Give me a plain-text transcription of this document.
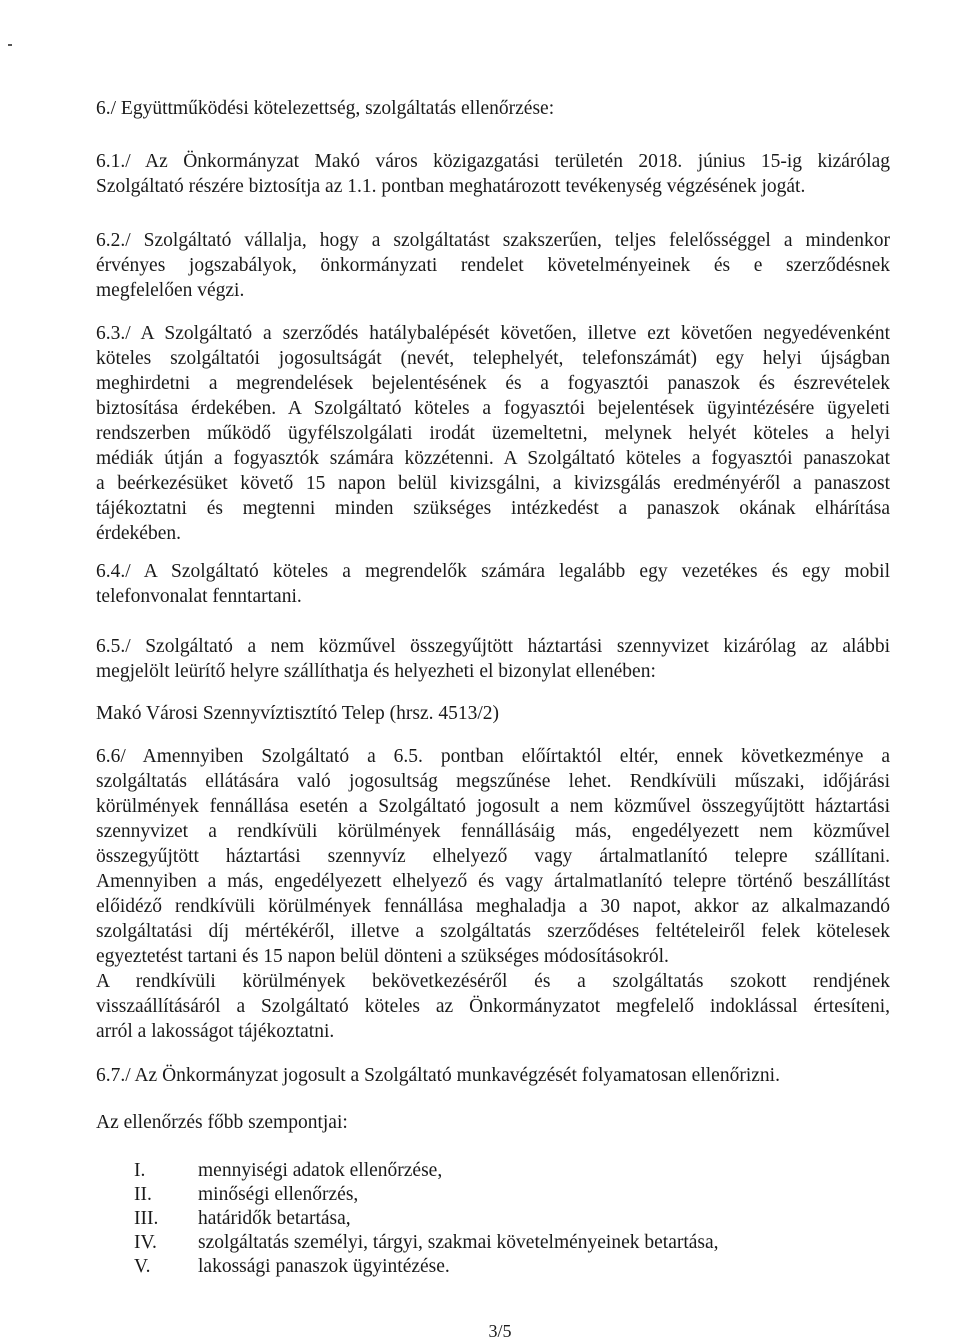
6./ Együttműködési kötelezettség, szolgáltatás ellenőrzése:
6.1./ Az Önkormányzat Makó város közigazgatási területén 2018. június 15-ig kizárólag
Szolgáltató részére biztosítja az 1.1. pontban meghatározott tevékenység végzésének jogát.
6.2./ Szolgáltató vállalja, hogy a szolgáltatást szakszerűen, teljes felelősséggel a mindenkor
érvényes jogszabályok, önkormányzati rendelet követelményeinek és e szerződésnek
megfelelően végzi.
6.3./ A Szolgáltató a szerződés hatálybalépését követően, illetve ezt követően negyedévenként
köteles szolgáltatói jogosultságát (nevét, telephelyét, telefonszámát) egy helyi újságban
meghirdetni a megrendelések bejelentésének és a fogyasztói panaszok és észrevételek
biztosítása érdekében. A Szolgáltató köteles a fogyasztói bejelentések ügyintézésére ügyeleti
rendszerben működő ügyfélszolgálati irodát üzemeltetni, melynek helyét köteles a helyi
médiák útján a fogyasztók számára közzétenni. A Szolgáltató köteles a fogyasztói panaszokat
a beérkezésüket követő 15 napon belül kivizsgálni, a kivizsgálás eredményéről a panaszost
tájékoztatni és megtenni minden szükséges intézkedést a panaszok okának elhárítása
érdekében.
6.4./ A Szolgáltató köteles a megrendelők számára legalább egy vezetékes és egy mobil
telefonvonalat fenntartani.
6.5./ Szolgáltató a nem közművel összegyűjtött háztartási szennyvizet kizárólag az alábbi
megjelölt leürítő helyre szállíthatja és helyezheti el bizonylat ellenében:
Makó Városi Szennyvíztisztító Telep (hrsz. 4513/2)
6.6/ Amennyiben Szolgáltató a 6.5. pontban előírtaktól eltér, ennek következménye a
szolgáltatás ellátására való jogosultság megszűnése lehet. Rendkívüli műszaki, időjárási
körülmények fennállása esetén a Szolgáltató jogosult a nem közművel összegyűjtött háztartási
szennyvizet a rendkívüli körülmények fennállásáig más, engedélyezett nem közművel
összegyűjtött háztartási szennyvíz elhelyező vagy ártalmatlanító telepre szállítani.
Amennyiben a más, engedélyezett elhelyező és vagy ártalmatlanító telepre történő beszállítást
előidéző rendkívüli körülmények fennállása meghaladja a 30 napot, akkor az alkalmazandó
szolgáltatási díj mértékéről, illetve a szolgáltatás szerződéses feltételeiről felek kötelesek
egyeztetést tartani és 15 napon belül dönteni a szükséges módosításokról.
A rendkívüli körülmények bekövetkezéséről és a szolgáltatás szokott rendjének
visszaállításáról a Szolgáltató köteles az Önkormányzatot megfelelő indoklással értesíteni,
arról a lakosságot tájékoztatni.
6.7./ Az Önkormányzat jogosult a Szolgáltató munkavégzését folyamatosan ellenőrizni.
Az ellenőrzés főbb szempontjai:
I.	mennyiségi adatok ellenőrzése,
II.	minőségi ellenőrzés,
III.	határidők betartása,
IV.	szolgáltatás személyi, tárgyi, szakmai követelményeinek betartása,
V.	lakossági panaszok ügyintézése.
3/5
